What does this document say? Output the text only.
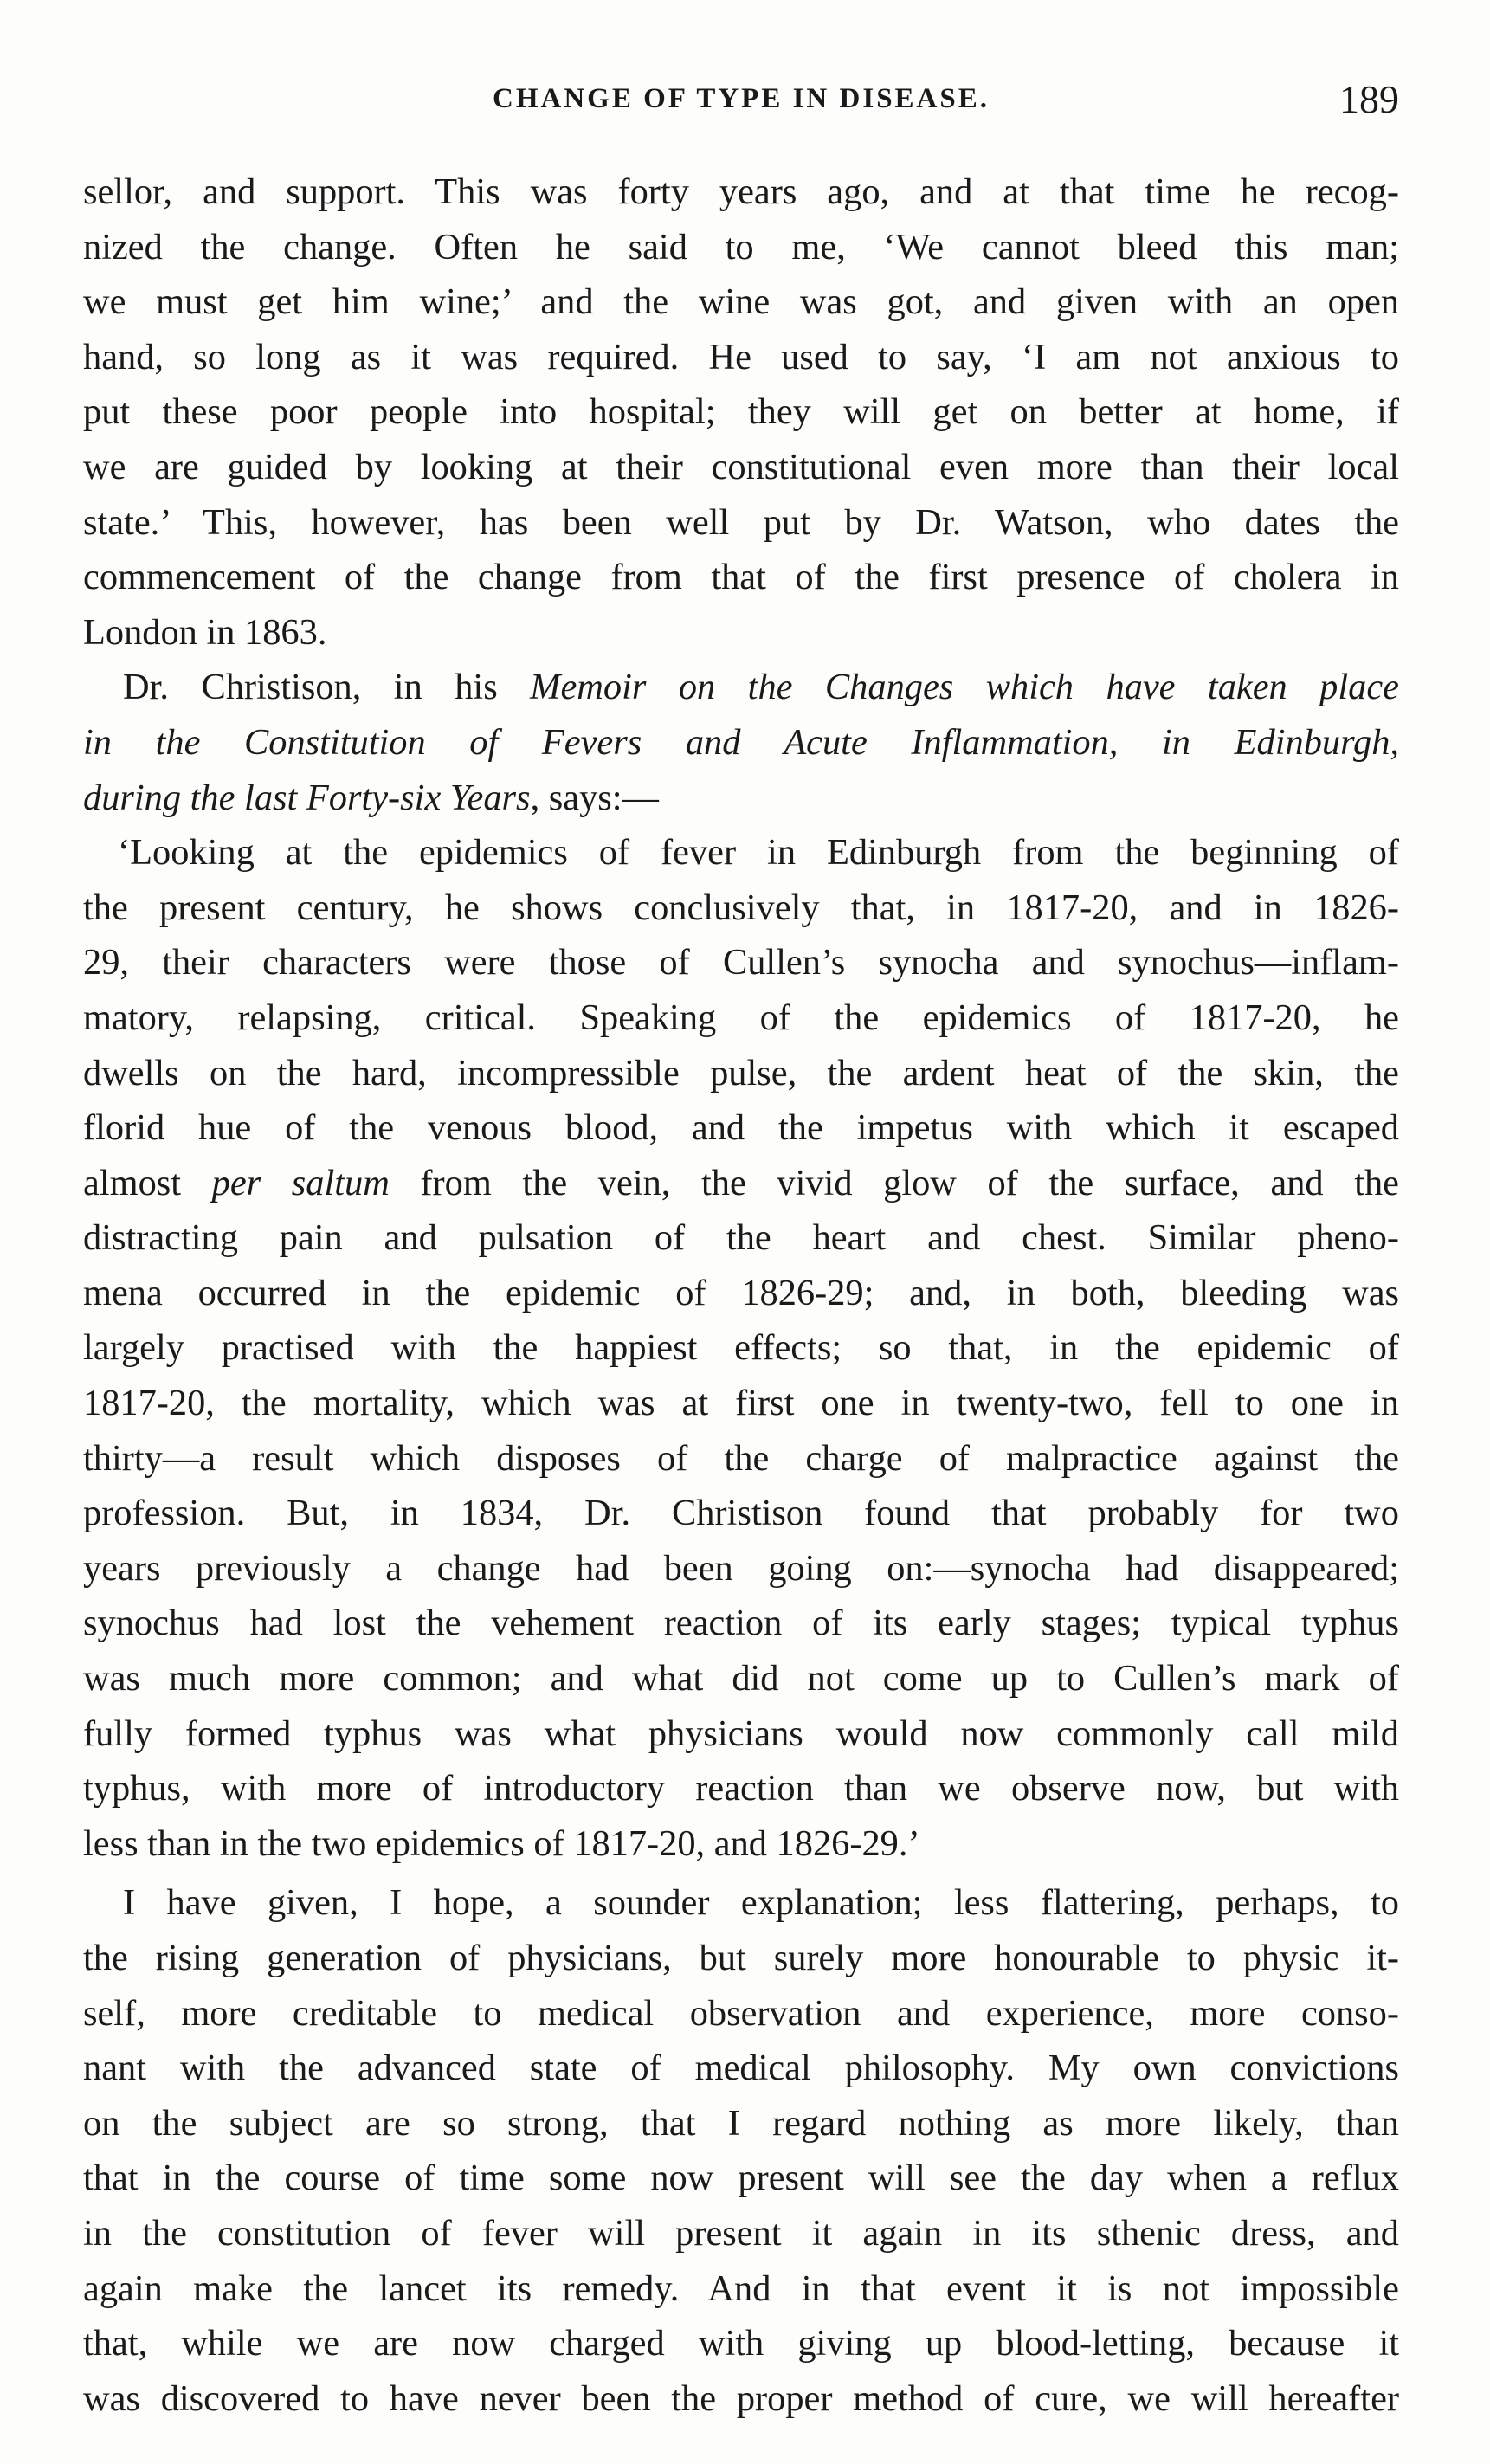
CHANGE OF TYPE IN DISEASE.	189
sellor, and support. This was forty years ago, and at that time he recog-
nized the change. Often he said to me, ‘We cannot bleed this man;
we must get him wine;’ and the wine was got, and given with an open
hand, so long as it was required. He used to say, ‘I am not anxious to
put these poor people into hospital; they will get on better at home, if
we are guided by looking at their constitutional even more than their local
state.’ This, however, has been well put by Dr. Watson, who dates the
commencement of the change from that of the first presence of cholera in
London in 1863.
Dr. Christison, in his Memoir on the Changes which have taken place
in the Constitution of Fevers and Acute Inflammation, in Edinburgh,
during the last Forty-six Years, says:—
‘Looking at the epidemics of fever in Edinburgh from the beginning of
the present century, he shows conclusively that, in 1817-20, and in 1826-
29, their characters were those of Cullen’s synocha and synochus—inflam-
matory, relapsing, critical. Speaking of the epidemics of 1817-20, he
dwells on the hard, incompressible pulse, the ardent heat of the skin, the
florid hue of the venous blood, and the impetus with which it escaped
almost per saltum from the vein, the vivid glow of the surface, and the
distracting pain and pulsation of the heart and chest. Similar pheno-
mena occurred in the epidemic of 1826-29; and, in both, bleeding was
largely practised with the happiest effects; so that, in the epidemic of
1817-20, the mortality, which was at first one in twenty-two, fell to one in
thirty—a result which disposes of the charge of malpractice against the
profession. But, in 1834, Dr. Christison found that probably for two
years previously a change had been going on:—synocha had disappeared;
synochus had lost the vehement reaction of its early stages; typical typhus
was much more common; and what did not come up to Cullen’s mark of
fully formed typhus was what physicians would now commonly call mild
typhus, with more of introductory reaction than we observe now, but with
less than in the two epidemics of 1817-20, and 1826-29.’
I have given, I hope, a sounder explanation; less flattering, perhaps, to
the rising generation of physicians, but surely more honourable to physic it-
self, more creditable to medical observation and experience, more conso-
nant with the advanced state of medical philosophy. My own convictions
on the subject are so strong, that I regard nothing as more likely, than
that in the course of time some now present will see the day when a reflux
in the constitution of fever will present it again in its sthenic dress, and
again make the lancet its remedy. And in that event it is not impossible
that, while we are now charged with giving up blood-letting, because it
was discovered to have never been the proper method of cure, we will hereafter
